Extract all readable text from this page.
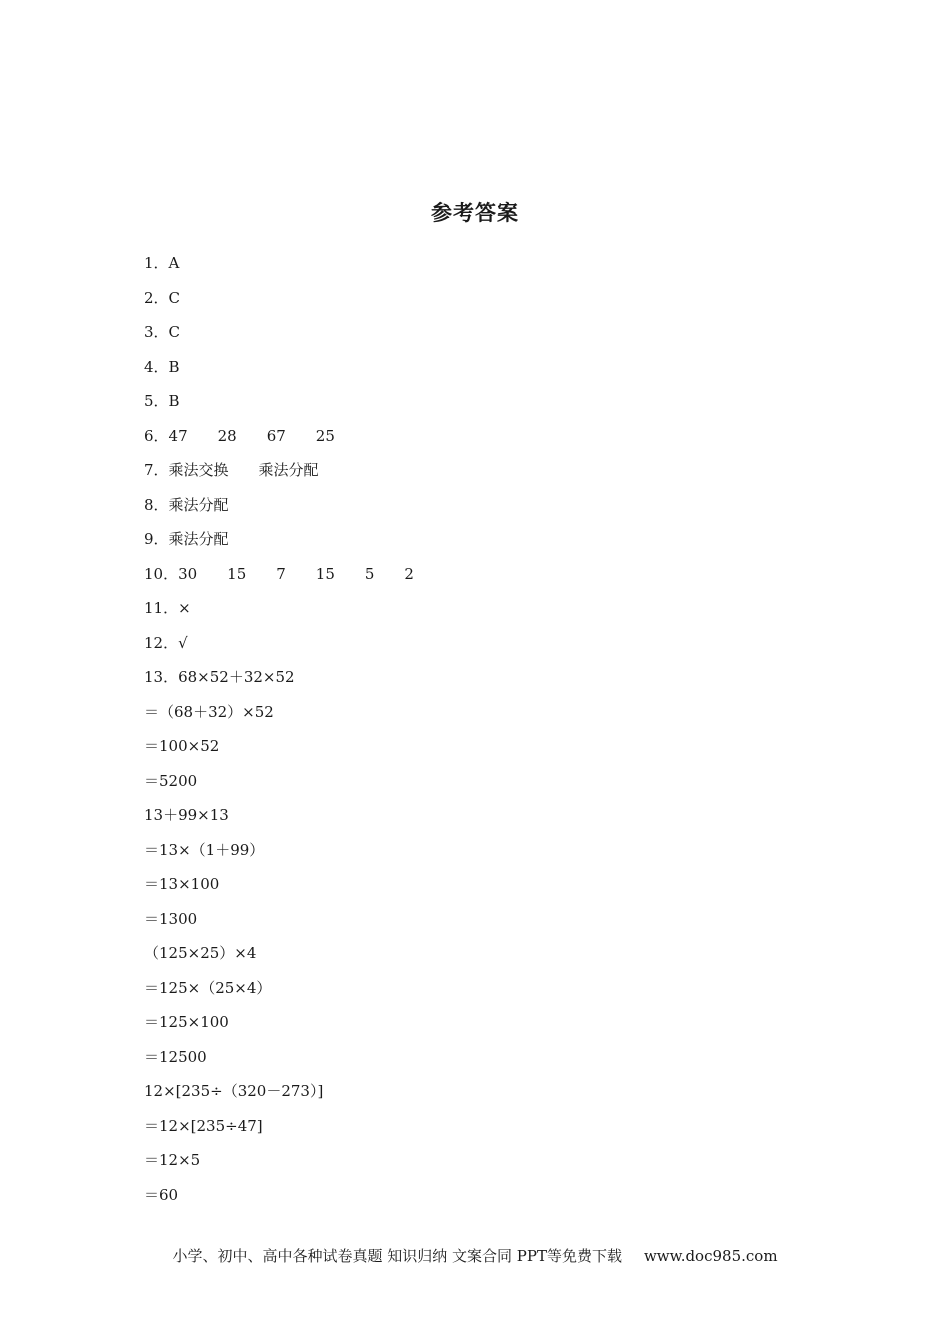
参考答案
1．A
2．C
3．C
4．B
5．B
6．47　　28　　67　　25
7．乘法交换　　乘法分配
8．乘法分配
9．乘法分配
10．30　　15　　7　　15　　5　　2
11．×
12．√
13．68×52＋32×52
＝（68＋32）×52
＝100×52
＝5200
13＋99×13
＝13×（1＋99）
＝13×100
＝1300
（125×25）×4
＝125×（25×4）
＝125×100
＝12500
12×[235÷（320－273）]
＝12×[235÷47]
＝12×5
＝60
小学、初中、高中各种试卷真题 知识归纳 文案合同 PPT等免费下载 www.doc985.com
